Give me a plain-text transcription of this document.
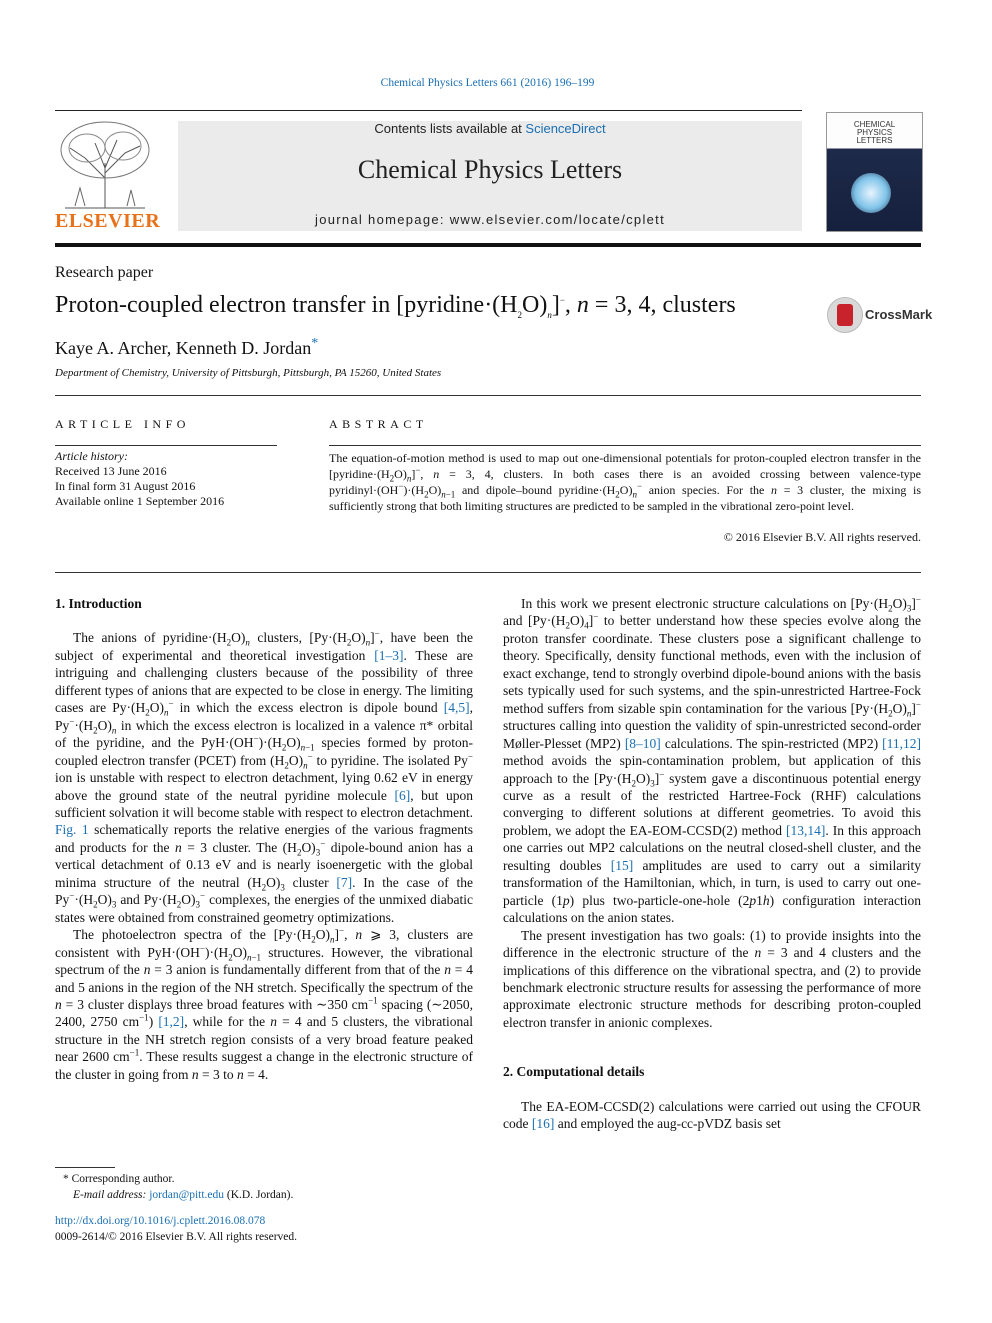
Chemical Physics Letters 661 (2016) 196–199
ELSEVIER
Contents lists available at ScienceDirect
Chemical Physics Letters
journal homepage: www.elsevier.com/locate/cplett
CHEMICAL
PHYSICS
LETTERS
Research paper
Proton-coupled electron transfer in $[pyridine\cdot(H_2O)_n]^-$, n = 3, 4, clusters	CrossMark
Kaye A. Archer, Kenneth D. Jordan*
Department of Chemistry, University of Pittsburgh, Pittsburgh, PA 15260, United States
ARTICLE INFO	ABSTRACT
Article history:
Received 13 June 2016
In final form 31 August 2016
Available online 1 September 2016
The equation-of-motion method is used to map out one-dimensional potentials for proton-coupled electron transfer in the $[pyridine\cdot(H_2O)_n]^-$, n = 3, 4, clusters. In both cases there is an avoided crossing between valence-type $pyridinyl\cdot(OH^-)\cdot(H_2O)_{n-1}$ and dipole–bound $pyridine\cdot(H_2O)_n^-$ anion species. For the n = 3 cluster, the mixing is sufficiently strong that both limiting structures are predicted to be sampled in the vibrational zero-point level.
© 2016 Elsevier B.V. All rights reserved.
1. Introduction

The anions of $pyridine\cdot(H_2O)_n$ clusters, $[Py\cdot(H_2O)_n]^-$, have been the subject of experimental and theoretical investigation [1–3]. These are intriguing and challenging clusters because of the possibility of three different types of anions that are expected to be close in energy. The limiting cases are $Py\cdot(H_2O)_n^-$ in which the excess electron is dipole bound [4,5], $Py^-\cdot(H_2O)_n$ in which the excess electron is localized in a valence π* orbital of the pyridine, and the $PyH\cdot(OH^-)\cdot(H_2O)_{n-1}$ species formed by proton-coupled electron transfer (PCET) from $(H_2O)_n^-$ to pyridine. The isolated Py− ion is unstable with respect to electron detachment, lying 0.62 eV in energy above the ground state of the neutral pyridine molecule [6], but upon sufficient solvation it will become stable with respect to electron detachment. Fig. 1 schematically reports the relative energies of the various fragments and products for the n = 3 cluster. The $(H_2O)_3^-$ dipole-bound anion has a vertical detachment of 0.13 eV and is nearly isoenergetic with the global minima structure of the neutral $(H_2O)_3$ cluster [7]. In the case of the $Py^-\cdot(H_2O)_3$ and $Py\cdot(H_2O)_3^-$ complexes, the energies of the unmixed diabatic states were obtained from constrained geometry optimizations.

The photoelectron spectra of the $[Py\cdot(H_2O)_n]^-$, n ⩾ 3, clusters are consistent with $PyH\cdot(OH^-)\cdot(H_2O)_{n-1}$ structures. However, the vibrational spectrum of the n = 3 anion is fundamentally different from that of the n = 4 and 5 anions in the region of the NH stretch. Specifically the spectrum of the n = 3 cluster displays three broad features with ∼350 $cm^{-1}$ spacing (∼2050, 2400, 2750 $cm^{-1}$) [1,2], while for the n = 4 and 5 clusters, the vibrational structure in the NH stretch region consists of a very broad feature peaked near 2600 $cm^{-1}$. These results suggest a change in the electronic structure of the cluster in going from n = 3 to n = 4.

In this work we present electronic structure calculations on $[Py\cdot(H_2O)_3]^-$ and $[Py\cdot(H_2O)_4]^-$ to better understand how these species evolve along the proton transfer coordinate. These clusters pose a significant challenge to theory. Specifically, density functional methods, even with the inclusion of exact exchange, tend to strongly overbind dipole-bound anions with the basis sets typically used for such systems, and the spin-unrestricted Hartree-Fock method suffers from sizable spin contamination for the various $[Py\cdot(H_2O)_n]^-$ structures calling into question the validity of spin-unrestricted second-order Møller-Plesset (MP2) [8–10] calculations. The spin-restricted (MP2) [11,12] method avoids the spin-contamination problem, but application of this approach to the $[Py\cdot(H_2O)_3]^-$ system gave a discontinuous potential energy curve as a result of the restricted Hartree-Fock (RHF) calculations converging to different solutions at different geometries. To avoid this problem, we adopt the EA-EOM-CCSD(2) method [13,14]. In this approach one carries out MP2 calculations on the neutral closed-shell cluster, and the resulting doubles [15] amplitudes are used to carry out a similarity transformation of the Hamiltonian, which, in turn, is used to carry out one-particle (1p) plus two-particle-one-hole (2p1h) configuration interaction calculations on the anion states.

The present investigation has two goals: (1) to provide insights into the difference in the electronic structure of the n = 3 and 4 clusters and the implications of this difference on the vibrational spectra, and (2) to provide benchmark electronic structure results for assessing the performance of more approximate electronic structure methods for describing proton-coupled electron transfer in anionic complexes.

2. Computational details

The EA-EOM-CCSD(2) calculations were carried out using the CFOUR code [16] and employed the aug-cc-pVDZ basis set

* Corresponding author.
E-mail address: jordan@pitt.edu (K.D. Jordan).
http://dx.doi.org/10.1016/j.cplett.2016.08.078
0009-2614/© 2016 Elsevier B.V. All rights reserved.
